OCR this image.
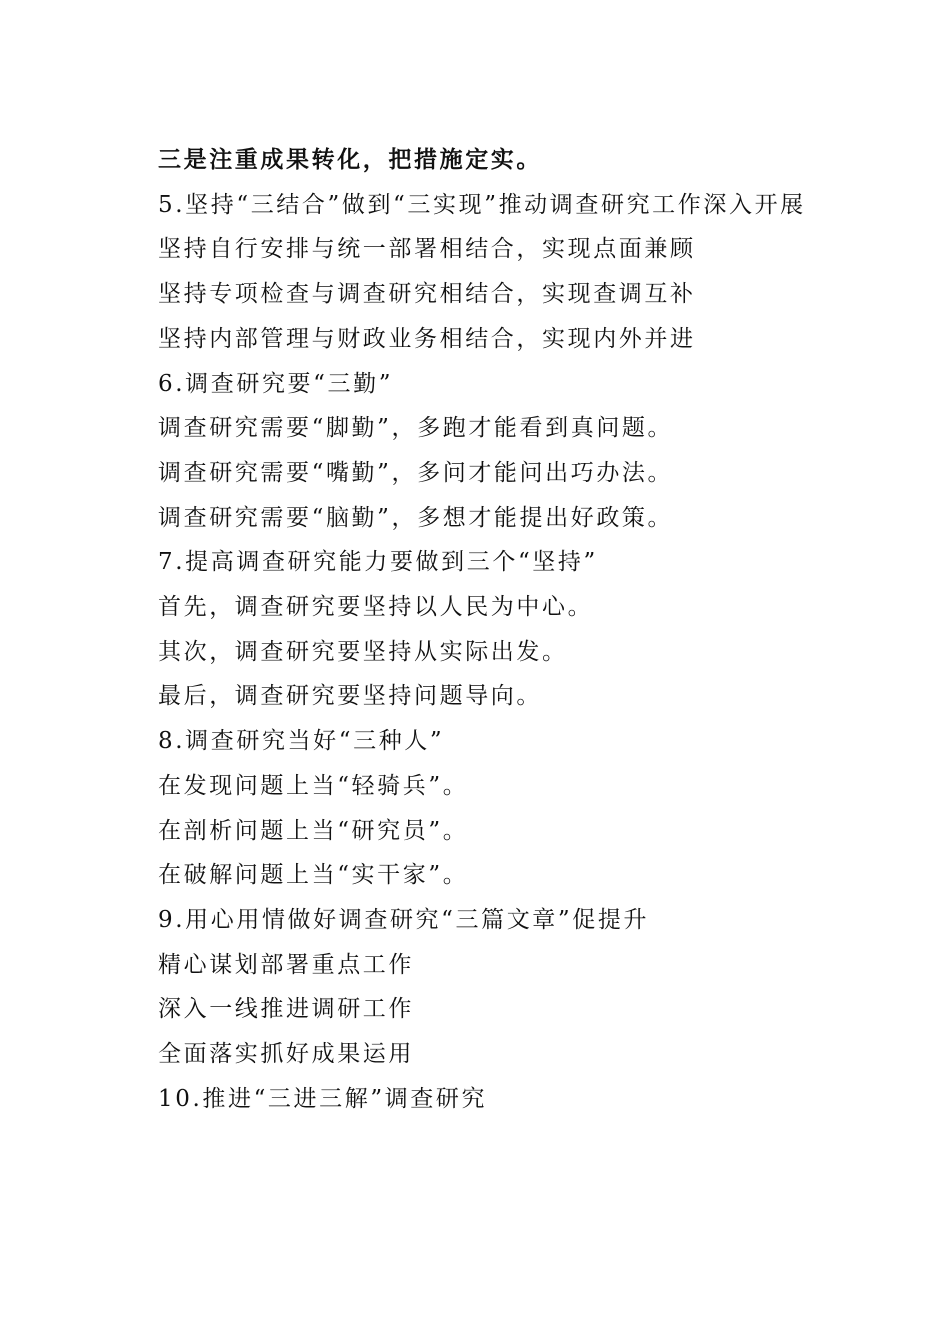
三是注重成果转化，把措施定实。

5.坚持“三结合”做到“三实现”推动调查研究工作深入开展

坚持自行安排与统一部署相结合，实现点面兼顾

坚持专项检查与调查研究相结合，实现查调互补

坚持内部管理与财政业务相结合，实现内外并进

6.调查研究要“三勤”

调查研究需要“脚勤”，多跑才能看到真问题。

调查研究需要“嘴勤”，多问才能问出巧办法。

调查研究需要“脑勤”，多想才能提出好政策。

7.提高调查研究能力要做到三个“坚持”

首先，调查研究要坚持以人民为中心。

其次，调查研究要坚持从实际出发。

最后，调查研究要坚持问题导向。

8.调查研究当好“三种人”

在发现问题上当“轻骑兵”。

在剖析问题上当“研究员”。

在破解问题上当“实干家”。

9.用心用情做好调查研究“三篇文章”促提升

精心谋划部署重点工作

深入一线推进调研工作

全面落实抓好成果运用

10.推进“三进三解”调查研究
